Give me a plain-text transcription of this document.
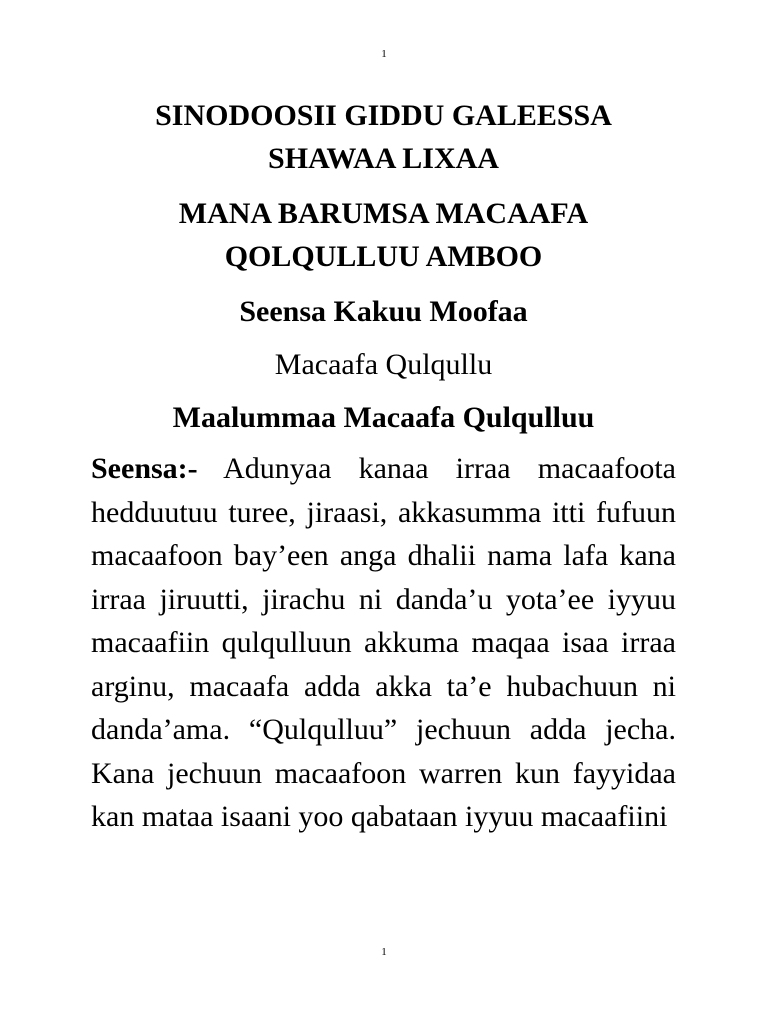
1

SINODOOSII GIDDU GALEESSA

SHAWAA LIXAA

MANA BARUMSA MACAAFA

QOLQULLUU AMBOO

Seensa Kakuu Moofaa

Macaafa Qulqullu

Maalummaa Macaafa Qulqulluu

Seensa:- Adunyaa kanaa irraa macaafoota hedduutuu turee, jiraasi, akkasumma itti fufuun macaafoon bay’een anga dhalii nama lafa kana irraa jiruutti, jirachu ni danda’u yota’ee iyyuu macaafiin qulqulluun akkuma maqaa isaa irraa arginu, macaafa adda akka ta’e hubachuun ni danda’ama. “Qulqulluu” jechuun adda jecha. Kana jechuun macaafoon warren kun fayyidaa kan mataa isaani yoo qabataan iyyuu macaafiini

1
